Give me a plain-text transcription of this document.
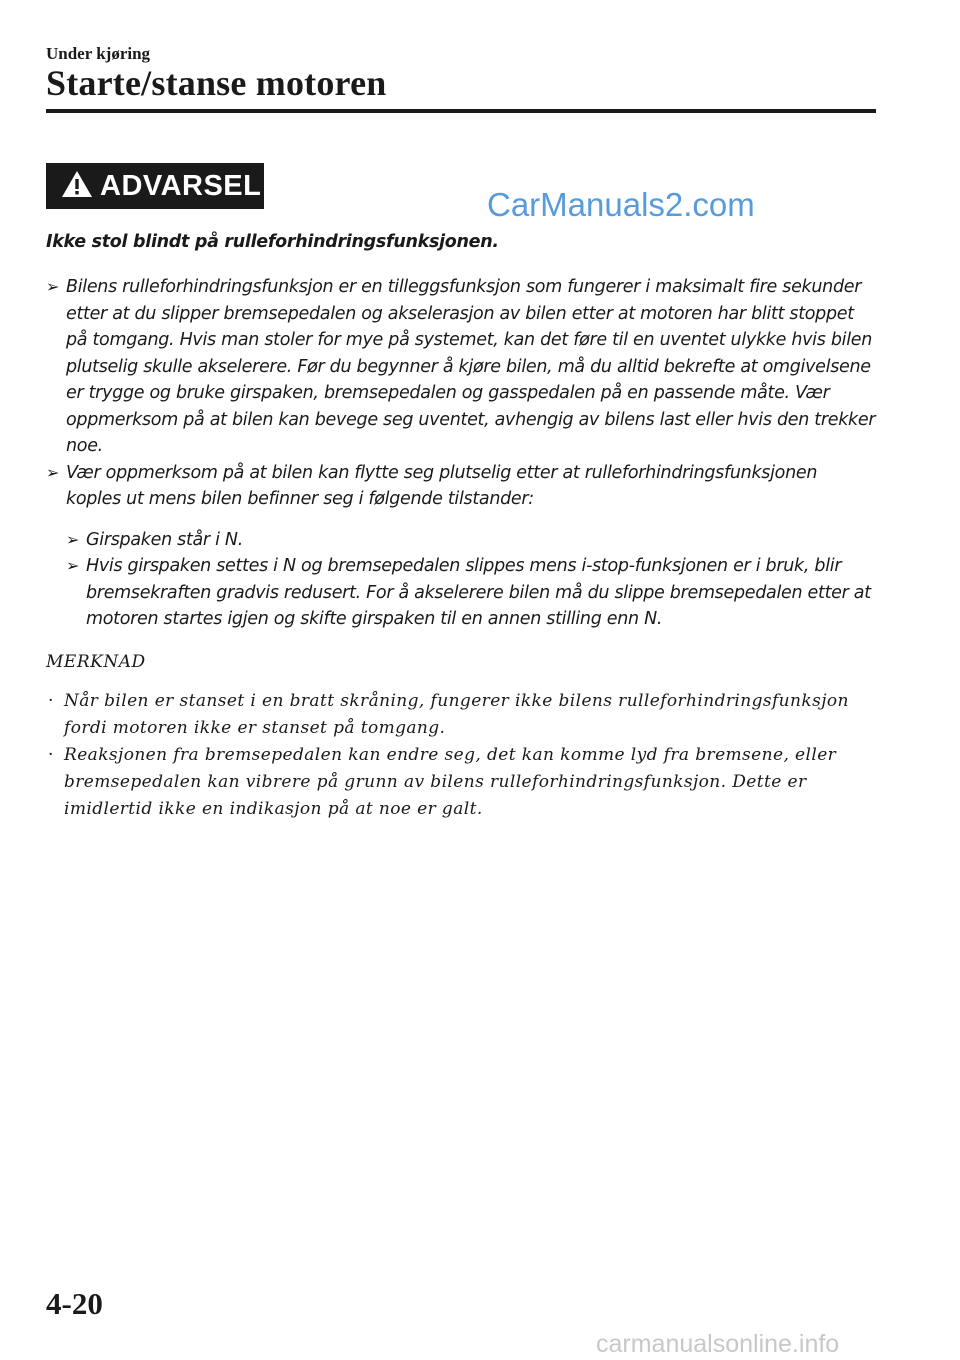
Under kjøring
Starte/stanse motoren
ADVARSEL
CarManuals2.com
Ikke stol blindt på rulleforhindringsfunksjonen.
➢ Bilens rulleforhindringsfunksjon er en tilleggsfunksjon som fungerer i maksimalt fire sekunder etter at du slipper bremsepedalen og akselerasjon av bilen etter at motoren har blitt stoppet på tomgang. Hvis man stoler for mye på systemet, kan det føre til en uventet ulykke hvis bilen plutselig skulle akselerere. Før du begynner å kjøre bilen, må du alltid bekrefte at omgivelsene er trygge og bruke girspaken, bremsepedalen og gasspedalen på en passende måte. Vær oppmerksom på at bilen kan bevege seg uventet, avhengig av bilens last eller hvis den trekker noe.
➢ Vær oppmerksom på at bilen kan flytte seg plutselig etter at rulleforhindringsfunksjonen koples ut mens bilen befinner seg i følgende tilstander:
➢ Girspaken står i N.
➢ Hvis girspaken settes i N og bremsepedalen slippes mens i-stop-funksjonen er i bruk, blir bremsekraften gradvis redusert. For å akselerere bilen må du slippe bremsepedalen etter at motoren startes igjen og skifte girspaken til en annen stilling enn N.
MERKNAD
· Når bilen er stanset i en bratt skråning, fungerer ikke bilens rulleforhindringsfunksjon fordi motoren ikke er stanset på tomgang.
· Reaksjonen fra bremsepedalen kan endre seg, det kan komme lyd fra bremsene, eller bremsepedalen kan vibrere på grunn av bilens rulleforhindringsfunksjon. Dette er imidlertid ikke en indikasjon på at noe er galt.
4-20
carmanualsonline.info
